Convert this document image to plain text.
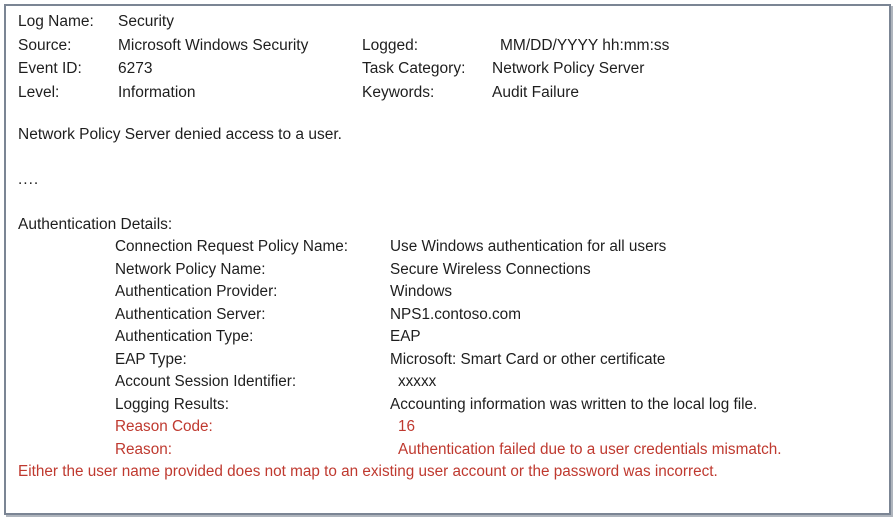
Log Name:	Security
Source:	Microsoft Windows Security	Logged:	MM/DD/YYYY hh:mm:ss
Event ID:	6273	Task Category:	Network Policy Server
Level:	Information	Keywords:	Audit Failure

Network Policy Server denied access to a user.

....

Authentication Details:

Connection Request Policy Name:	Use Windows authentication for all users
Network Policy Name:	Secure Wireless Connections
Authentication Provider:	Windows
Authentication Server:	NPS1.contoso.com
Authentication Type:	EAP
EAP Type:	Microsoft: Smart Card or other certificate
Account Session Identifier:	xxxxx
Logging Results:	Accounting information was written to the local log file.
Reason Code:	16
Reason:	Authentication failed due to a user credentials mismatch.

Either the user name provided does not map to an existing user account or the password was incorrect.
